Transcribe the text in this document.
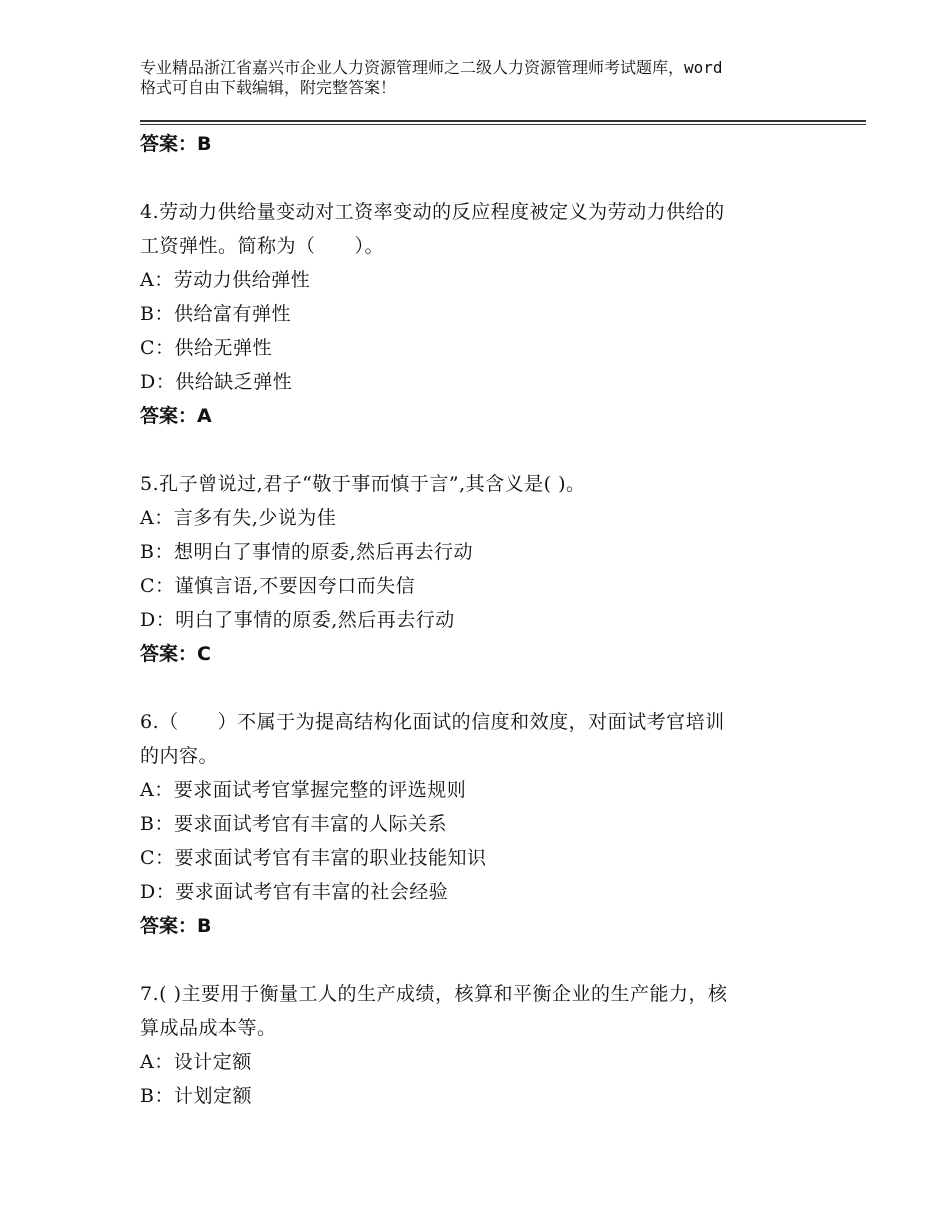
专业精品浙江省嘉兴市企业人力资源管理师之二级人力资源管理师考试题库，word
格式可自由下载编辑，附完整答案！
答案：B
4.劳动力供给量变动对工资率变动的反应程度被定义为劳动力供给的
工资弹性。简称为（　　）。
A：劳动力供给弹性
B：供给富有弹性
C：供给无弹性
D：供给缺乏弹性
答案：A
5.孔子曾说过,君子“敬于事而慎于言”,其含义是( )。
A：言多有失,少说为佳
B：想明白了事情的原委,然后再去行动
C：谨慎言语,不要因夸口而失信
D：明白了事情的原委,然后再去行动
答案：C
6.（　　）不属于为提高结构化面试的信度和效度，对面试考官培训
的内容。
A：要求面试考官掌握完整的评选规则
B：要求面试考官有丰富的人际关系
C：要求面试考官有丰富的职业技能知识
D：要求面试考官有丰富的社会经验
答案：B
7.( )主要用于衡量工人的生产成绩，核算和平衡企业的生产能力，核
算成品成本等。
A：设计定额
B：计划定额
